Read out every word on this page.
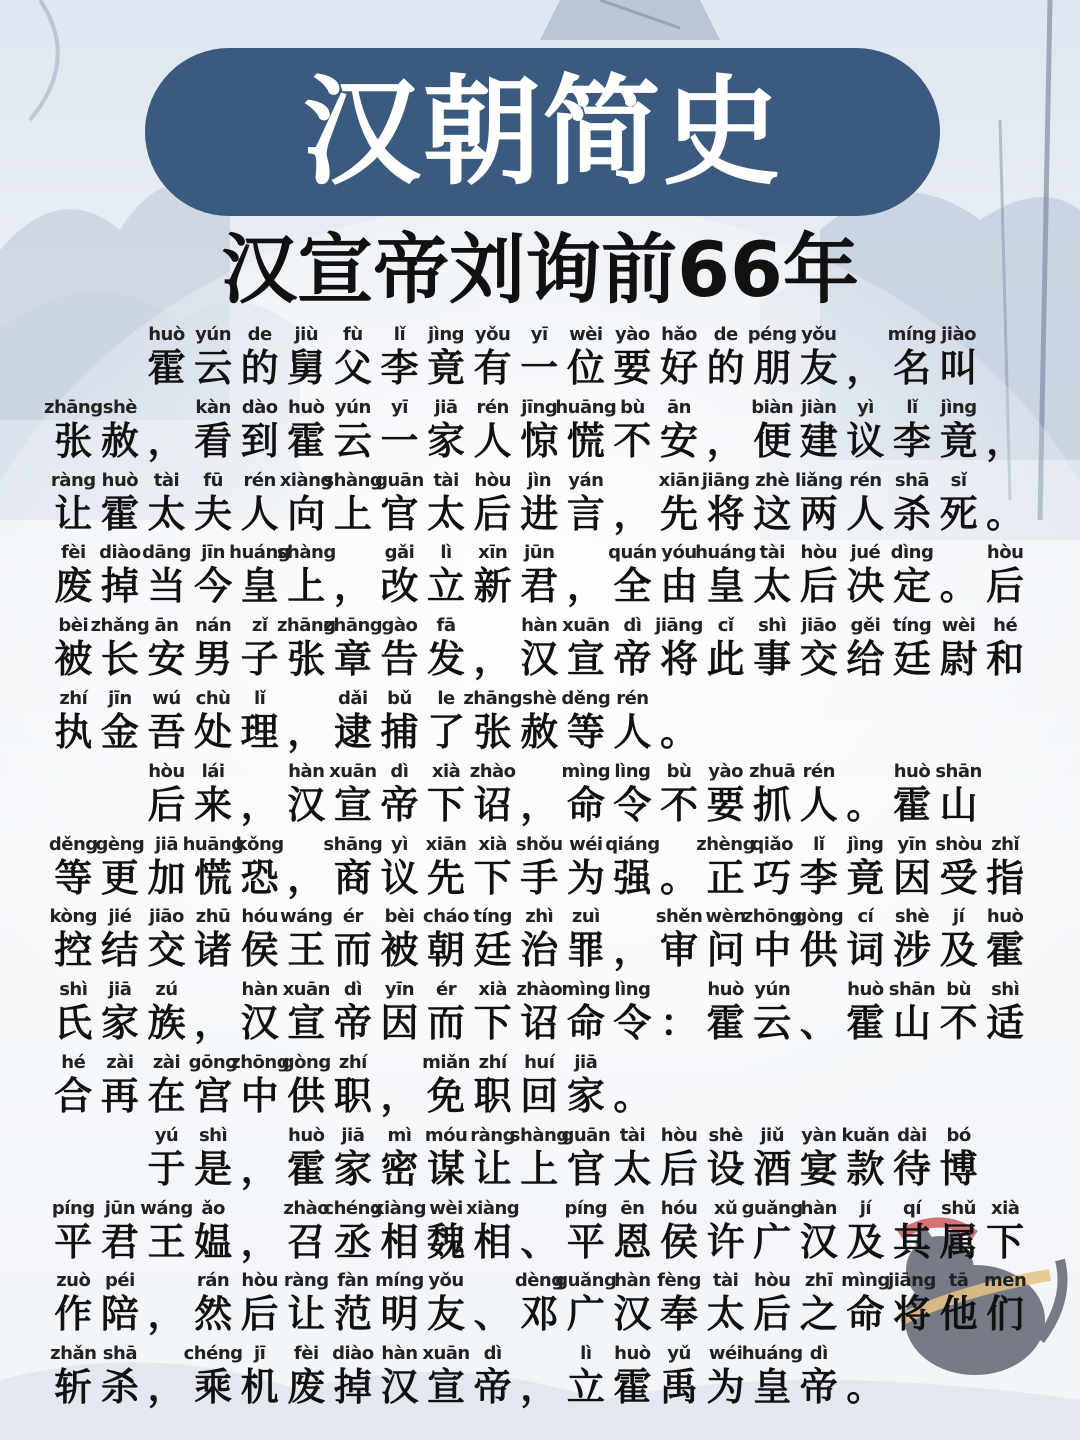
汉朝简史
汉宣帝刘询前66年
huò
霍
yún
云
de
的
jiù
舅
fù
父
lǐ
李
jìng
竟
yǒu
有
yī
一
wèi
位
yào
要
hǎo
好
de
的
péng
朋
yǒu
友 ，
míng
名
jiào
叫
zhāng
张
shè
赦 ，
kàn
看
dào
到
huò
霍
yún
云
yī
一
jiā
家
rén
人
jīng
惊
huāng
慌
bù
不
ān
安 ，
biàn
便
jiàn
建
yì
议
lǐ
李
jìng
竟 ，
ràng
让
huò
霍
tài
太
fū
夫
rén
人
xiàng
向
shàng
上
guān
官
tài
太
hòu
后
jìn
进
yán
言 ，
xiān
先
jiāng
将
zhè
这
liǎng
两
rén
人
shā
杀
sǐ
死 。
fèi
废
diào
掉
dāng
当
jīn
今
huáng
皇
shàng
上 ，
gǎi
改
lì
立
xīn
新
jūn
君 ，
quán
全
yóu
由
huáng
皇
tài
太
hòu
后
jué
决
dìng
定 。
hòu
后
bèi
被
zhǎng
长
ān
安
nán
男
zǐ
子
zhāng
张
zhāng
章
gào
告
fā
发 ，
hàn
汉
xuān
宣
dì
帝
jiāng
将
cǐ
此
shì
事
jiāo
交
gěi
给
tíng
廷
wèi
尉
hé
和
zhí
执
jīn
金
wú
吾
chù
处
lǐ
理 ，
dǎi
逮
bǔ
捕
le
了
zhāng
张
shè
赦
děng
等
rén
人 。
hòu
后
lái
来 ，
hàn
汉
xuān
宣
dì
帝
xià
下
zhào
诏 ，
mìng
命
lìng
令
bù
不
yào
要
zhuā
抓
rén
人 。
huò
霍
shān
山
děng
等
gèng
更
jiā
加
huāng
慌
kǒng
恐 ，
shāng
商
yì
议
xiān
先
xià
下
shǒu
手
wéi
为
qiáng
强 。
zhèng
正
qiǎo
巧
lǐ
李
jìng
竟
yīn
因
shòu
受
zhǐ
指
kòng
控
jié
结
jiāo
交
zhū
诸
hóu
侯
wáng
王
ér
而
bèi
被
cháo
朝
tíng
廷
zhì
治
zuì
罪 ，
shěn
审
wèn
问
zhōng
中
gòng
供
cí
词
shè
涉
jí
及
huò
霍
shì
氏
jiā
家
zú
族 ，
hàn
汉
xuān
宣
dì
帝
yīn
因
ér
而
xià
下
zhào
诏
mìng
命
lìng
令 ：
huò
霍
yún
云 、
huò
霍
shān
山
bù
不
shì
适
hé
合
zài
再
zài
在
gōng
宫
zhōng
中
gòng
供
zhí
职 ，
miǎn
免
zhí
职
huí
回
jiā
家 。
yú
于
shì
是 ，
huò
霍
jiā
家
mì
密
móu
谋
ràng
让
shàng
上
guān
官
tài
太
hòu
后
shè
设
jiǔ
酒
yàn
宴
kuǎn
款
dài
待
bó
博
píng
平
jūn
君
wáng
王
ǎo
媪 ，
zhào
召
chéng
丞
xiàng
相
wèi
魏
xiàng
相 、
píng
平
ēn
恩
hóu
侯
xǔ
许
guǎng
广
hàn
汉
jí
及
qí
其
shǔ
属
xià
下
zuò
作
péi
陪 ，
rán
然
hòu
后
ràng
让
fàn
范
míng
明
yǒu
友 、
dèng
邓
guǎng
广
hàn
汉
fèng
奉
tài
太
hòu
后
zhī
之
mìng
命
jiāng
将
tā
他
men
们
zhǎn
斩
shā
杀 ，
chéng
乘
jī
机
fèi
废
diào
掉
hàn
汉
xuān
宣
dì
帝 ，
lì
立
huò
霍
yǔ
禹
wéi
为
huáng
皇
dì
帝 。
